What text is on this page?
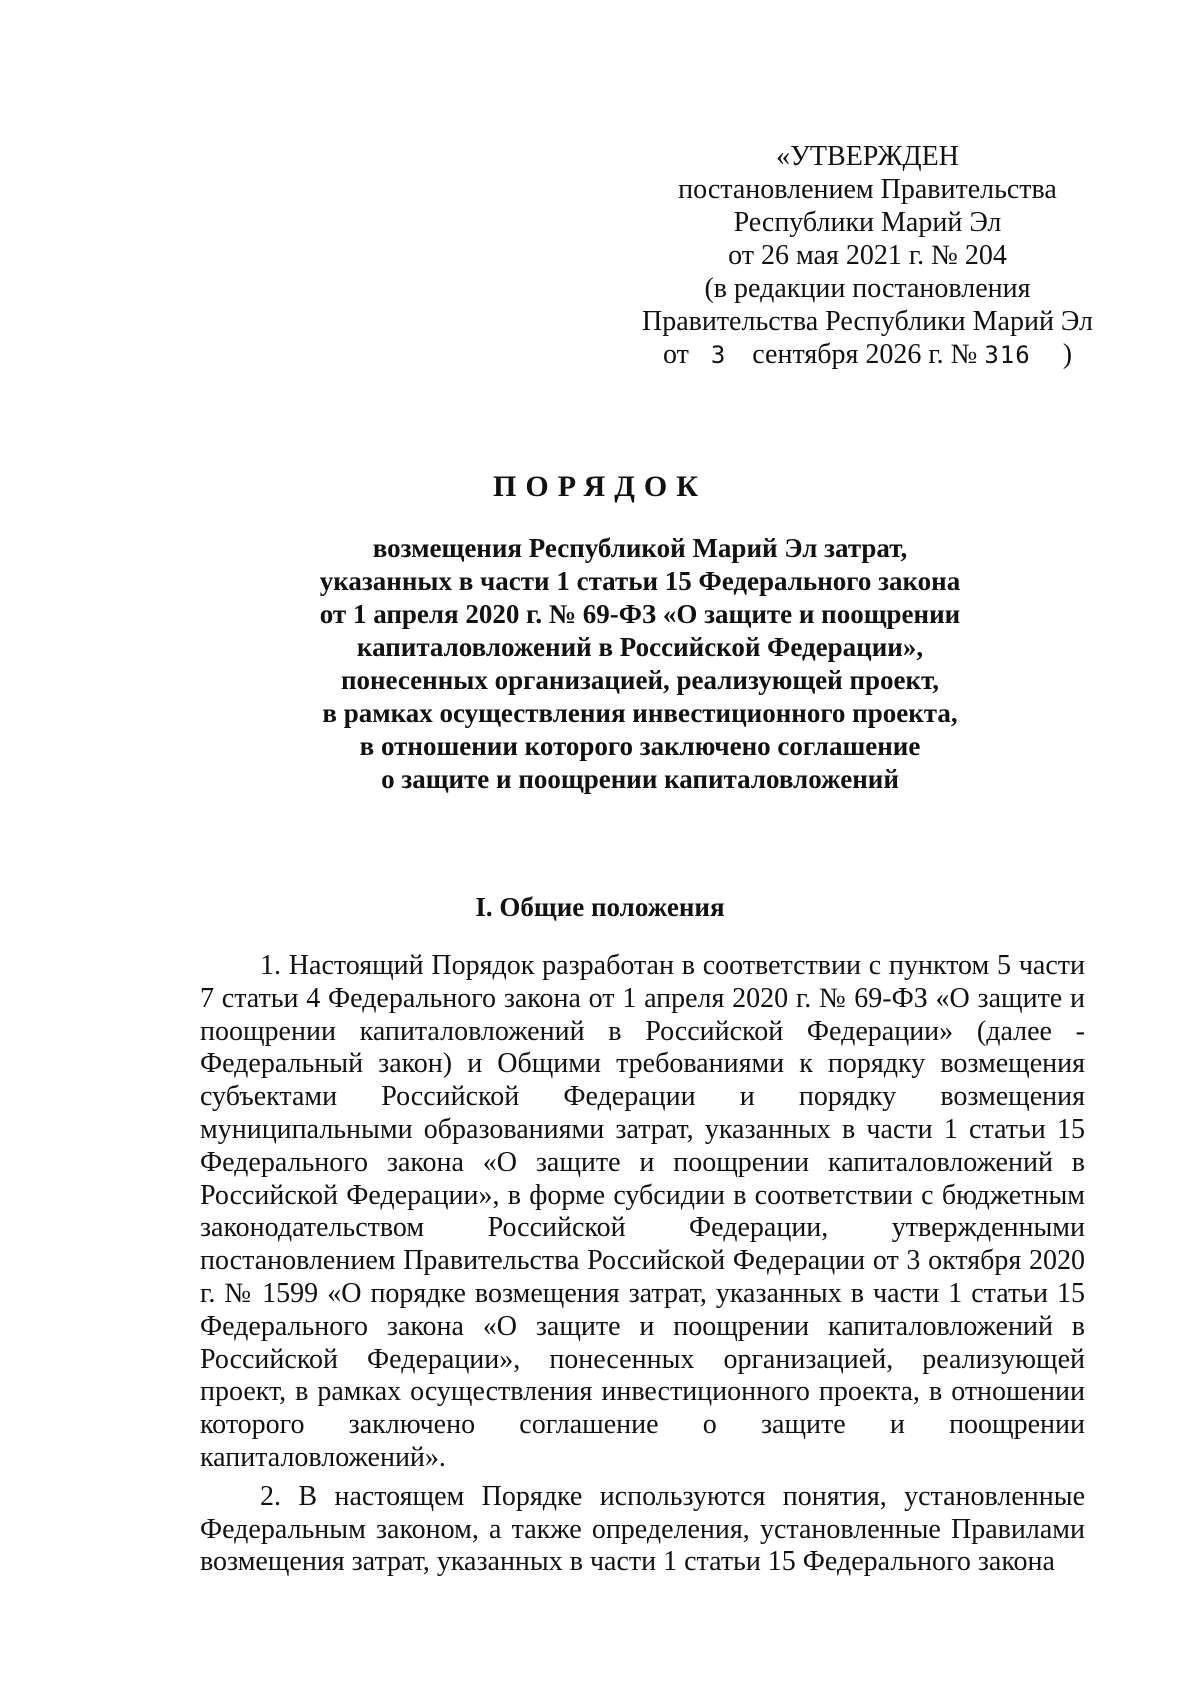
«УТВЕРЖДЕН
постановлением Правительства
Республики Марий Эл
от 26 мая 2021 г. № 204
(в редакции постановления
Правительства Республики Марий Эл
от 3 сентября 2026 г. № 316 )
ПОРЯДОК
возмещения Республикой Марий Эл затрат,
указанных в части 1 статьи 15 Федерального закона
от 1 апреля 2020 г. № 69-ФЗ «О защите и поощрении
капиталовложений в Российской Федерации»,
понесенных организацией, реализующей проект,
в рамках осуществления инвестиционного проекта,
в отношении которого заключено соглашение
о защите и поощрении капиталовложений
I. Общие положения

1. Настоящий Порядок разработан в соответствии с пунктом 5 части 7 статьи 4 Федерального закона от 1 апреля 2020 г. № 69-ФЗ «О защите и поощрении капиталовложений в Российской Федерации» (далее - Федеральный закон) и Общими требованиями к порядку возмещения субъектами Российской Федерации и порядку возмещения муниципальными образованиями затрат, указанных в части 1 статьи 15 Федерального закона «О защите и поощрении капиталовложений в Российской Федерации», в форме субсидии в соответствии с бюджетным законодательством Российской Федерации, утвержденными постановлением Правительства Российской Федерации от 3 октября 2020 г. № 1599 «О порядке возмещения затрат, указанных в части 1 статьи 15 Федерального закона «О защите и поощрении капиталовложений в Российской Федерации», понесенных организацией, реализующей проект, в рамках осуществления инвестиционного проекта, в отношении которого заключено соглашение о защите и поощрении капиталовложений».

2. В настоящем Порядке используются понятия, установленные Федеральным законом, а также определения, установленные Правилами возмещения затрат, указанных в части 1 статьи 15 Федерального закона
